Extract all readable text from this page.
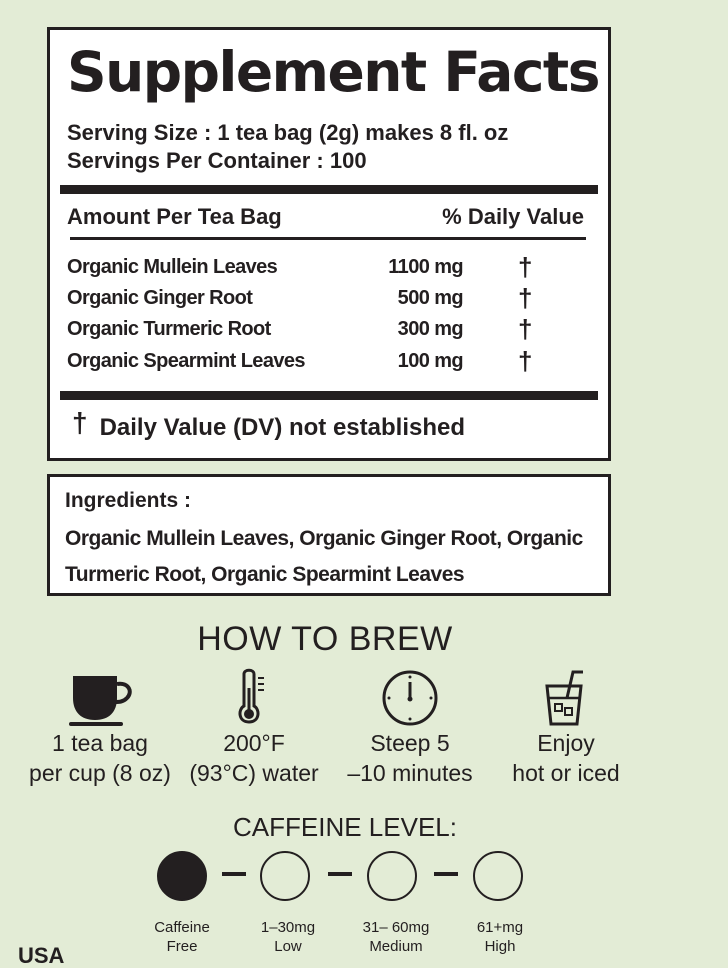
Supplement Facts
Serving Size : 1 tea bag (2g) makes 8 fl. oz
Servings Per Container : 100
Amount Per Tea Bag	% Daily Value
Organic Mullein Leaves	1100 mg †
Organic Ginger Root	500 mg †
Organic Turmeric Root	300 mg †
Organic Spearmint Leaves	100 mg †
† Daily Value (DV) not established
Ingredients :
Organic Mullein Leaves, Organic Ginger Root, Organic Turmeric Root, Organic Spearmint Leaves
HOW TO BREW
1 tea bag
per cup (8 oz)
200°F
(93°C) water
Steep 5
–10 minutes
Enjoy
hot or iced
CAFFEINE LEVEL:
Caffeine
Free
1–30mg
Low
31– 60mg
Medium
61+mg
High
USA
